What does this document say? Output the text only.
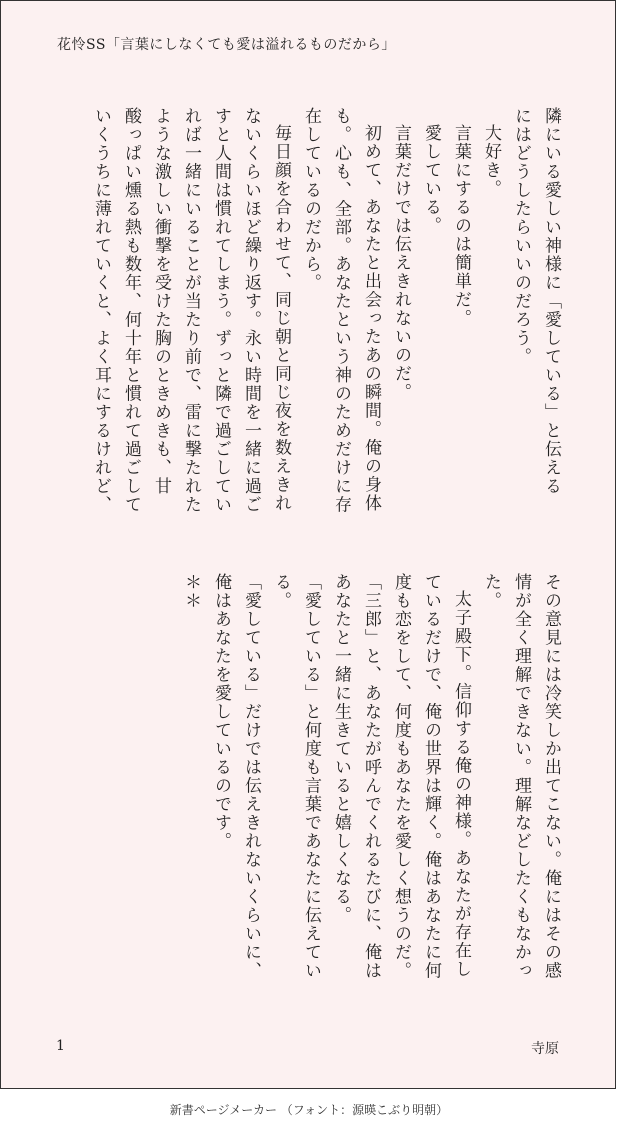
花怜SS「言葉にしなくても愛は溢れるものだから」

隣にいる愛しい神様に「愛している」と伝える

にはどうしたらいいのだろう。

大好き。

言葉にするのは簡単だ。

愛している。

言葉だけでは伝えきれないのだ。

初めて、あなたと出会ったあの瞬間。俺の身体

も。心も、全部。あなたという神のためだけに存

在しているのだから。

毎日顔を合わせて、同じ朝と同じ夜を数えきれ

ないくらいほど繰り返す。永い時間を一緒に過ご

すと人間は慣れてしまう。ずっと隣で過ごしてい

れば一緒にいることが当たり前で、雷に撃たれた

ような激しい衝撃を受けた胸のときめきも、甘

酸っぱい燻る熱も数年、何十年と慣れて過ごして

いくうちに薄れていくと、よく耳にするけれど、

その意見には冷笑しか出てこない。俺にはその感

情が全く理解できない。理解などしたくもなかっ

た。

太子殿下。信仰する俺の神様。あなたが存在し

ているだけで、俺の世界は輝く。俺はあなたに何

度も恋をして、何度もあなたを愛しく想うのだ。

「三郎」と、あなたが呼んでくれるたびに、俺は

あなたと一緒に生きていると嬉しくなる。

「愛している」と何度も言葉であなたに伝えてい

る。

「愛している」だけでは伝えきれないくらいに、

俺はあなたを愛しているのです。

＊＊

1	寺原
新書ページメーカー （フォント：源暎こぶり明朝）
